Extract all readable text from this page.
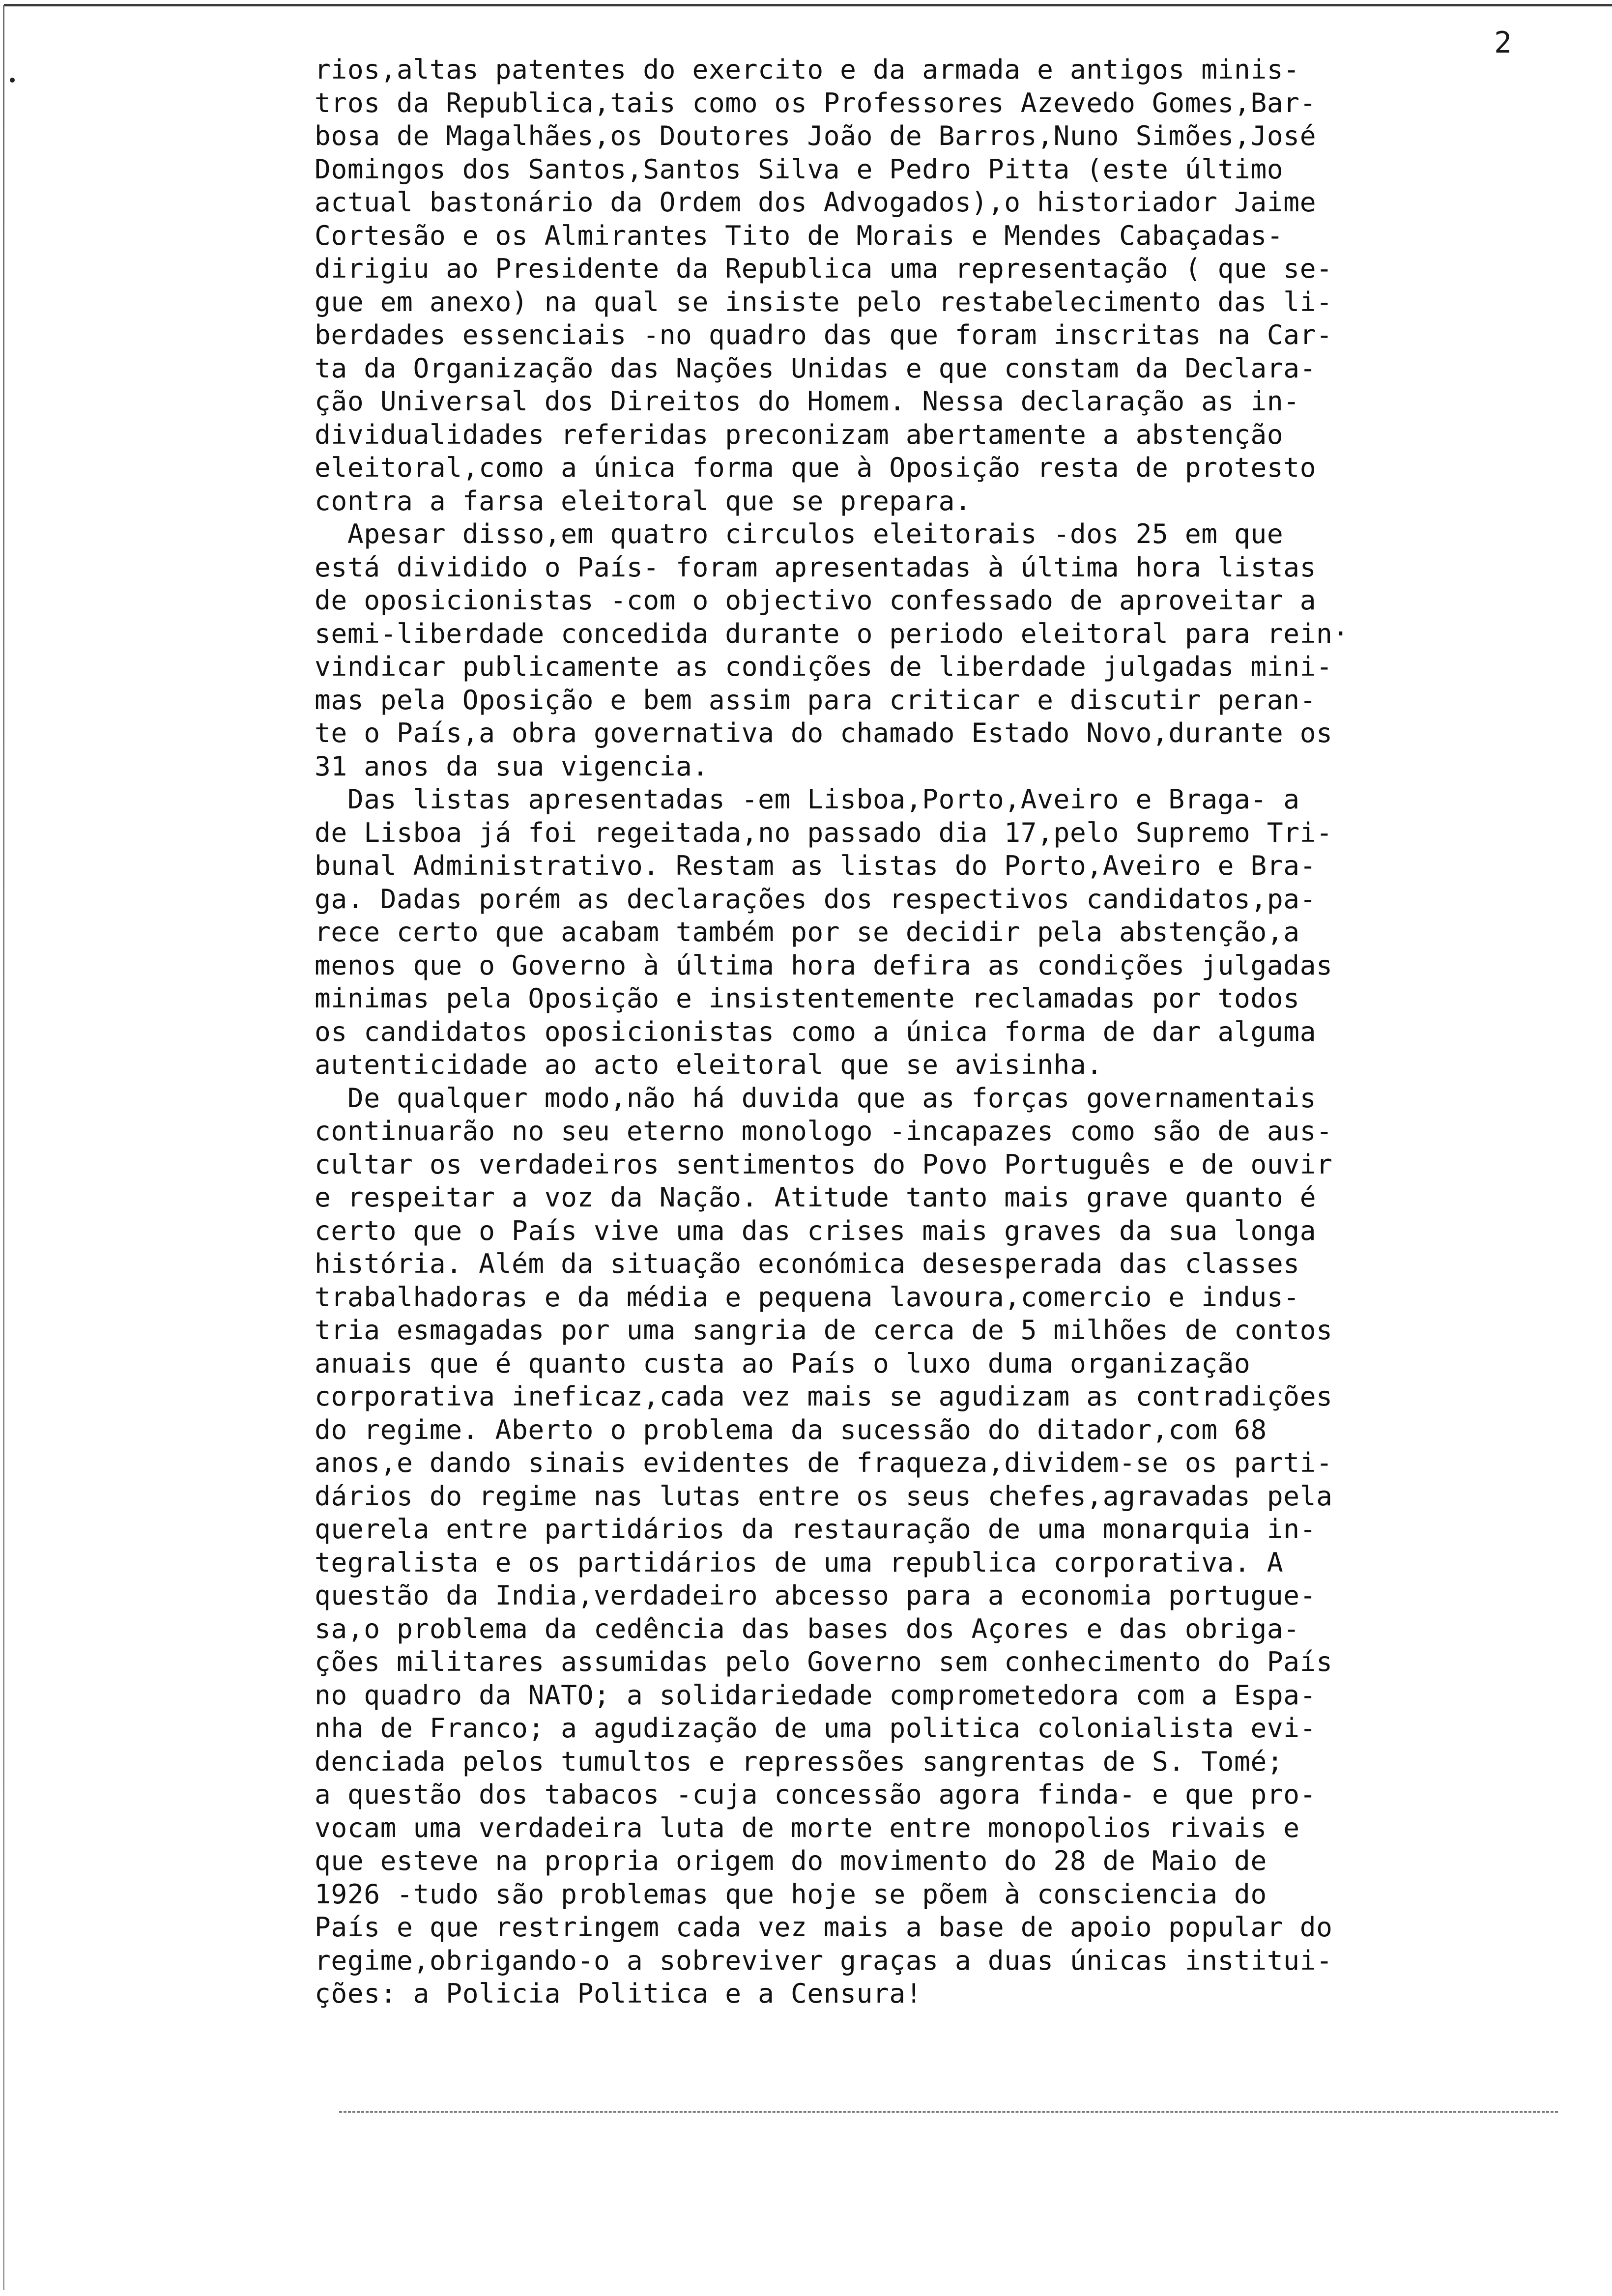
2
rios,altas patentes do exercito e da armada e antigos minis-
tros da Republica,tais como os Professores Azevedo Gomes,Bar-
bosa de Magalhães,os Doutores João de Barros,Nuno Simões,José
Domingos dos Santos,Santos Silva e Pedro Pitta (este último
actual bastonário da Ordem dos Advogados),o historiador Jaime
Cortesão e os Almirantes Tito de Morais e Mendes Cabaçadas-
dirigiu ao Presidente da Republica uma representação ( que se-
gue em anexo) na qual se insiste pelo restabelecimento das li-
berdades essenciais -no quadro das que foram inscritas na Car-
ta da Organização das Nações Unidas e que constam da Declara-
ção Universal dos Direitos do Homem. Nessa declaração as in-
dividualidades referidas preconizam abertamente a abstenção
eleitoral,como a única forma que à Oposição resta de protesto
contra a farsa eleitoral que se prepara.
Apesar disso,em quatro circulos eleitorais -dos 25 em que
está dividido o País- foram apresentadas à última hora listas
de oposicionistas -com o objectivo confessado de aproveitar a
semi-liberdade concedida durante o periodo eleitoral para rein·
vindicar publicamente as condições de liberdade julgadas mini-
mas pela Oposição e bem assim para criticar e discutir peran-
te o País,a obra governativa do chamado Estado Novo,durante os
31 anos da sua vigencia.
Das listas apresentadas -em Lisboa,Porto,Aveiro e Braga- a
de Lisboa já foi regeitada,no passado dia 17,pelo Supremo Tri-
bunal Administrativo. Restam as listas do Porto,Aveiro e Bra-
ga. Dadas porém as declarações dos respectivos candidatos,pa-
rece certo que acabam também por se decidir pela abstenção,a
menos que o Governo à última hora defira as condições julgadas
minimas pela Oposição e insistentemente reclamadas por todos
os candidatos oposicionistas como a única forma de dar alguma
autenticidade ao acto eleitoral que se avisinha.
De qualquer modo,não há duvida que as forças governamentais
continuarão no seu eterno monologo -incapazes como são de aus-
cultar os verdadeiros sentimentos do Povo Português e de ouvir
e respeitar a voz da Nação. Atitude tanto mais grave quanto é
certo que o País vive uma das crises mais graves da sua longa
história. Além da situação económica desesperada das classes
trabalhadoras e da média e pequena lavoura,comercio e indus-
tria esmagadas por uma sangria de cerca de 5 milhões de contos
anuais que é quanto custa ao País o luxo duma organização
corporativa ineficaz,cada vez mais se agudizam as contradições
do regime. Aberto o problema da sucessão do ditador,com 68
anos,e dando sinais evidentes de fraqueza,dividem-se os parti-
dários do regime nas lutas entre os seus chefes,agravadas pela
querela entre partidários da restauração de uma monarquia in-
tegralista e os partidários de uma republica corporativa. A
questão da India,verdadeiro abcesso para a economia portugue-
sa,o problema da cedência das bases dos Açores e das obriga-
ções militares assumidas pelo Governo sem conhecimento do País
no quadro da NATO; a solidariedade comprometedora com a Espa-
nha de Franco; a agudização de uma politica colonialista evi-
denciada pelos tumultos e repressões sangrentas de S. Tomé;
a questão dos tabacos -cuja concessão agora finda- e que pro-
vocam uma verdadeira luta de morte entre monopolios rivais e
que esteve na propria origem do movimento do 28 de Maio de
1926 -tudo são problemas que hoje se põem à consciencia do
País e que restringem cada vez mais a base de apoio popular do
regime,obrigando-o a sobreviver graças a duas únicas institui-
ções: a Policia Politica e a Censura!
